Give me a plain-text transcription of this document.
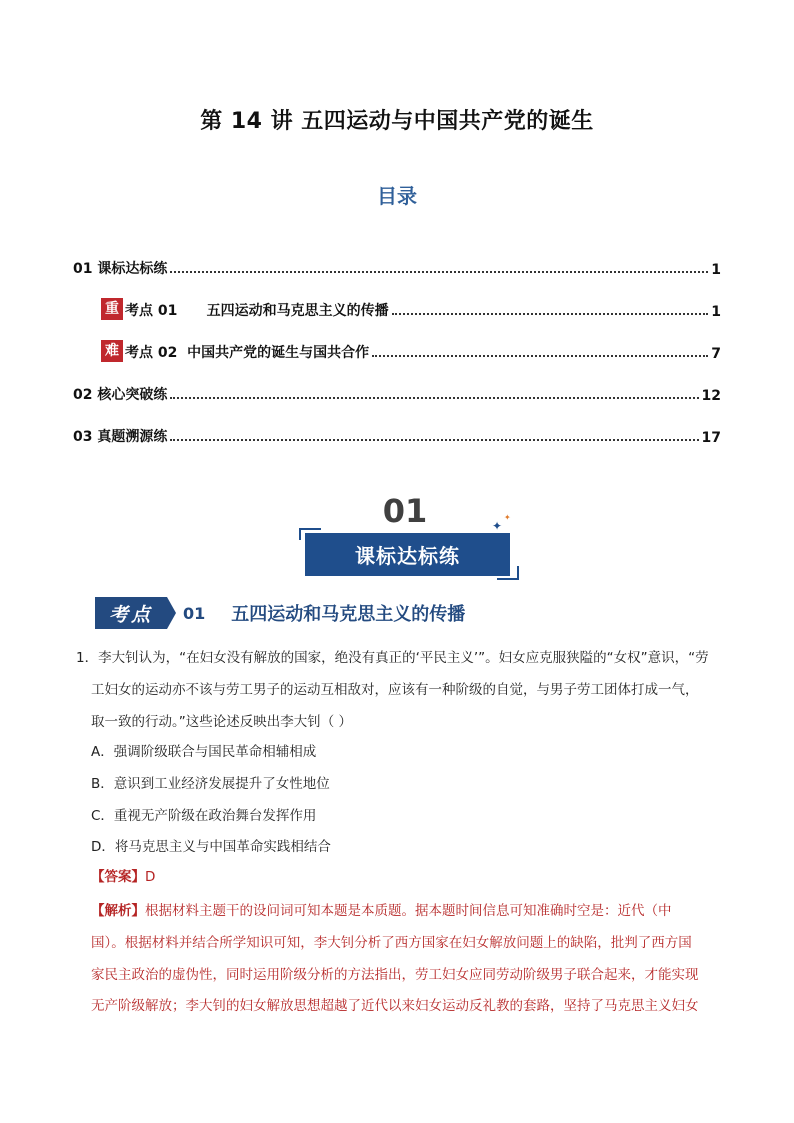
第 14 讲 五四运动与中国共产党的诞生
目录
01 课标达标练	1
重 考点 01      五四运动和马克思主义的传播	1
难 考点 02  中国共产党的诞生与国共合作	7
02 核心突破练	12
03 真题溯源练	17
01
课标达标练
✦
✦
考点	01 五四运动和马克思主义的传播
1．李大钊认为，“在妇女没有解放的国家，绝没有真正的‘平民主义’”。妇女应克服狭隘的“女权”意识，“劳
工妇女的运动亦不该与劳工男子的运动互相敌对，应该有一种阶级的自觉，与男子劳工团体打成一气，
取一致的行动。”这些论述反映出李大钊（ ）
A．强调阶级联合与国民革命相辅相成
B．意识到工业经济发展提升了女性地位
C．重视无产阶级在政治舞台发挥作用
D．将马克思主义与中国革命实践相结合
【答案】D
【解析】根据材料主题干的设问词可知本题是本质题。据本题时间信息可知准确时空是：近代（中
国）。根据材料并结合所学知识可知，李大钊分析了西方国家在妇女解放问题上的缺陷，批判了西方国
家民主政治的虚伪性，同时运用阶级分析的方法指出，劳工妇女应同劳动阶级男子联合起来，才能实现
无产阶级解放；李大钊的妇女解放思想超越了近代以来妇女运动反礼教的套路，坚持了马克思主义妇女
